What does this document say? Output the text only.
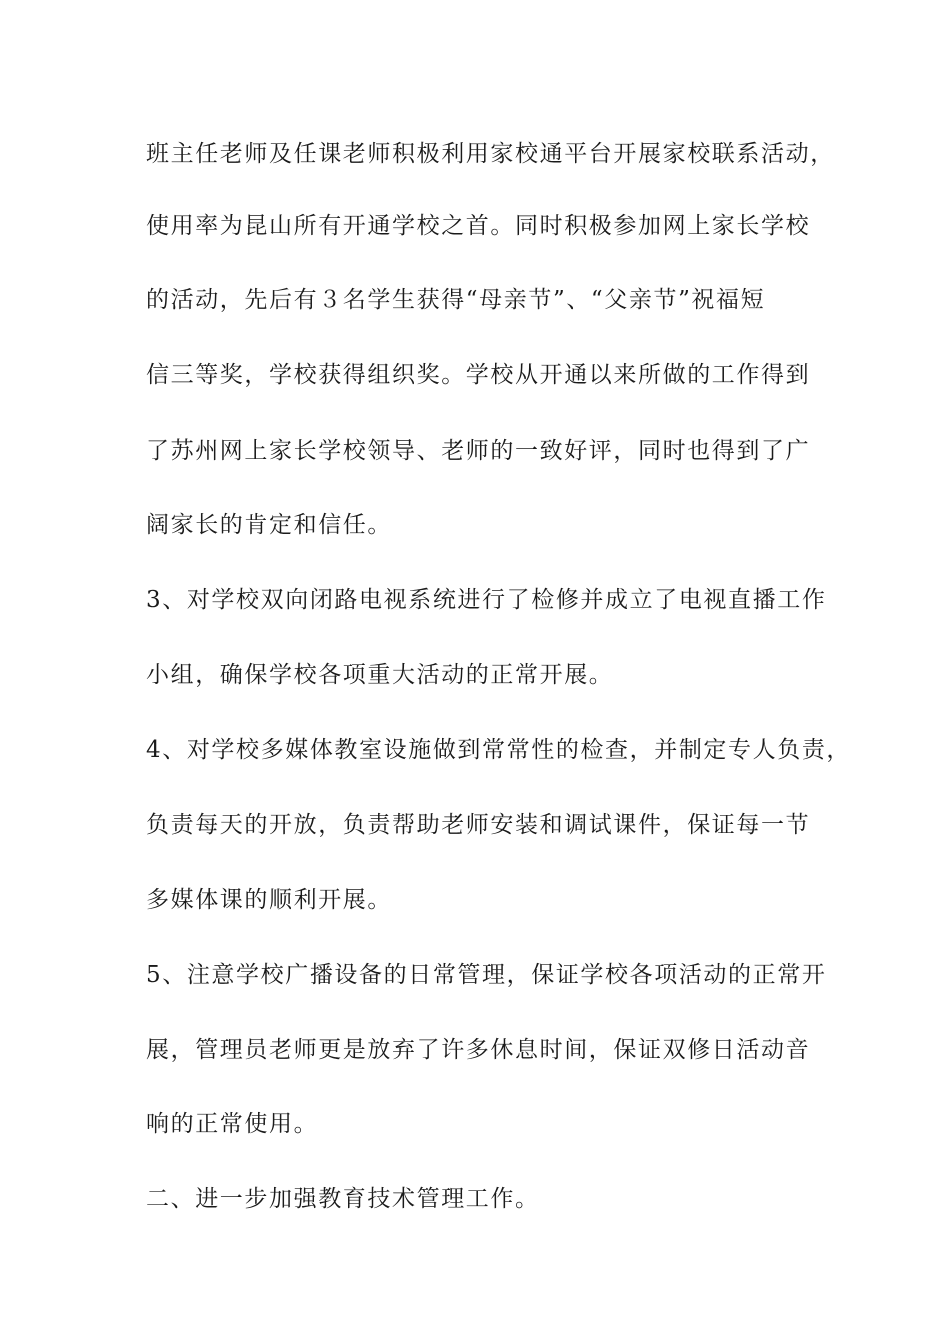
班主任老师及任课老师积极利用家校通平台开展家校联系活动，
使用率为昆山所有开通学校之首。同时积极参加网上家长学校
的活动，先后有３名学生获得“母亲节”、“父亲节”祝福短
信三等奖，学校获得组织奖。学校从开通以来所做的工作得到
了苏州网上家长学校领导、老师的一致好评，同时也得到了广
阔家长的肯定和信任。
3、对学校双向闭路电视系统进行了检修并成立了电视直播工作
小组，确保学校各项重大活动的正常开展。
4、对学校多媒体教室设施做到常常性的检查，并制定专人负责，
负责每天的开放，负责帮助老师安装和调试课件，保证每一节
多媒体课的顺利开展。
5、注意学校广播设备的日常管理，保证学校各项活动的正常开
展，管理员老师更是放弃了许多休息时间，保证双修日活动音
响的正常使用。
二、进一步加强教育技术管理工作。
